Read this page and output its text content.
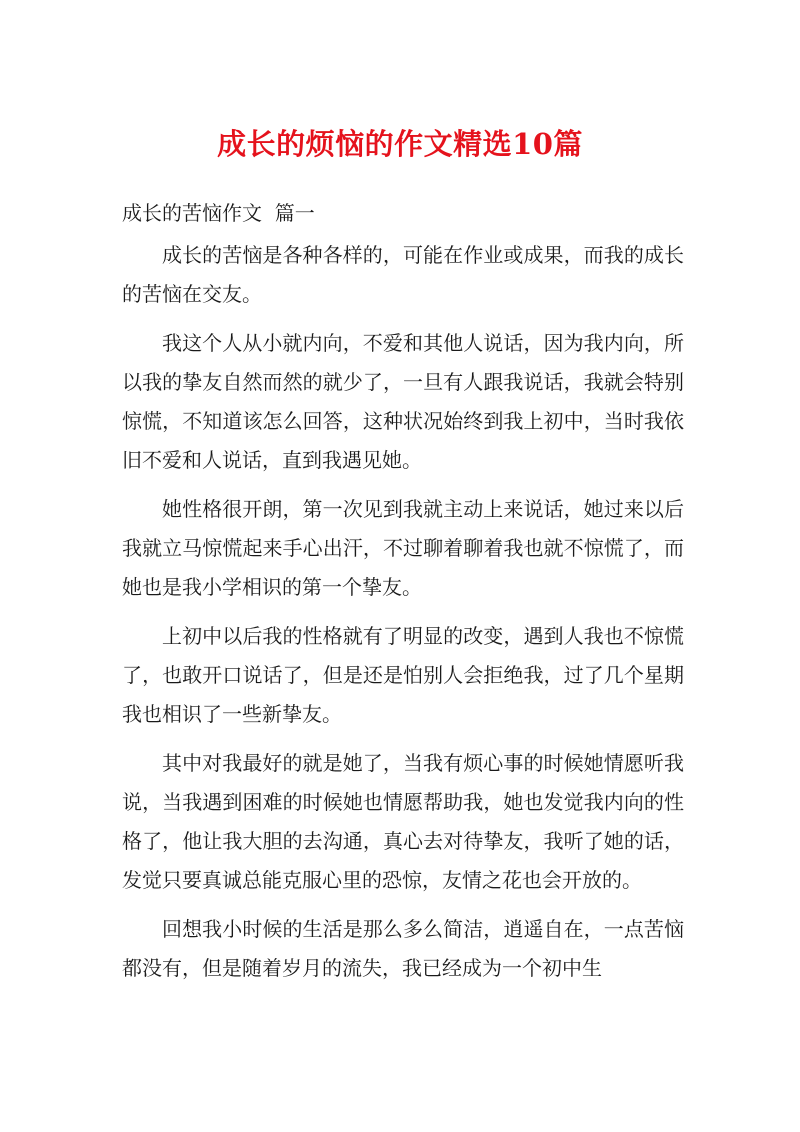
成长的烦恼的作文精选10篇

成长的苦恼作文  篇一

成长的苦恼是各种各样的，可能在作业或成果，而我的成长的苦恼在交友。

我这个人从小就内向，不爱和其他人说话，因为我内向，所以我的挚友自然而然的就少了，一旦有人跟我说话，我就会特别惊慌，不知道该怎么回答，这种状况始终到我上初中，当时我依旧不爱和人说话，直到我遇见她。

她性格很开朗，第一次见到我就主动上来说话，她过来以后我就立马惊慌起来手心出汗，不过聊着聊着我也就不惊慌了，而她也是我小学相识的第一个挚友。

上初中以后我的性格就有了明显的改变，遇到人我也不惊慌了，也敢开口说话了，但是还是怕别人会拒绝我，过了几个星期我也相识了一些新挚友。

其中对我最好的就是她了，当我有烦心事的时候她情愿听我说，当我遇到困难的时候她也情愿帮助我，她也发觉我内向的性格了，他让我大胆的去沟通，真心去对待挚友，我听了她的话，发觉只要真诚总能克服心里的恐惊，友情之花也会开放的。

回想我小时候的生活是那么多么简洁，逍遥自在，一点苦恼都没有，但是随着岁月的流失，我已经成为一个初中生
